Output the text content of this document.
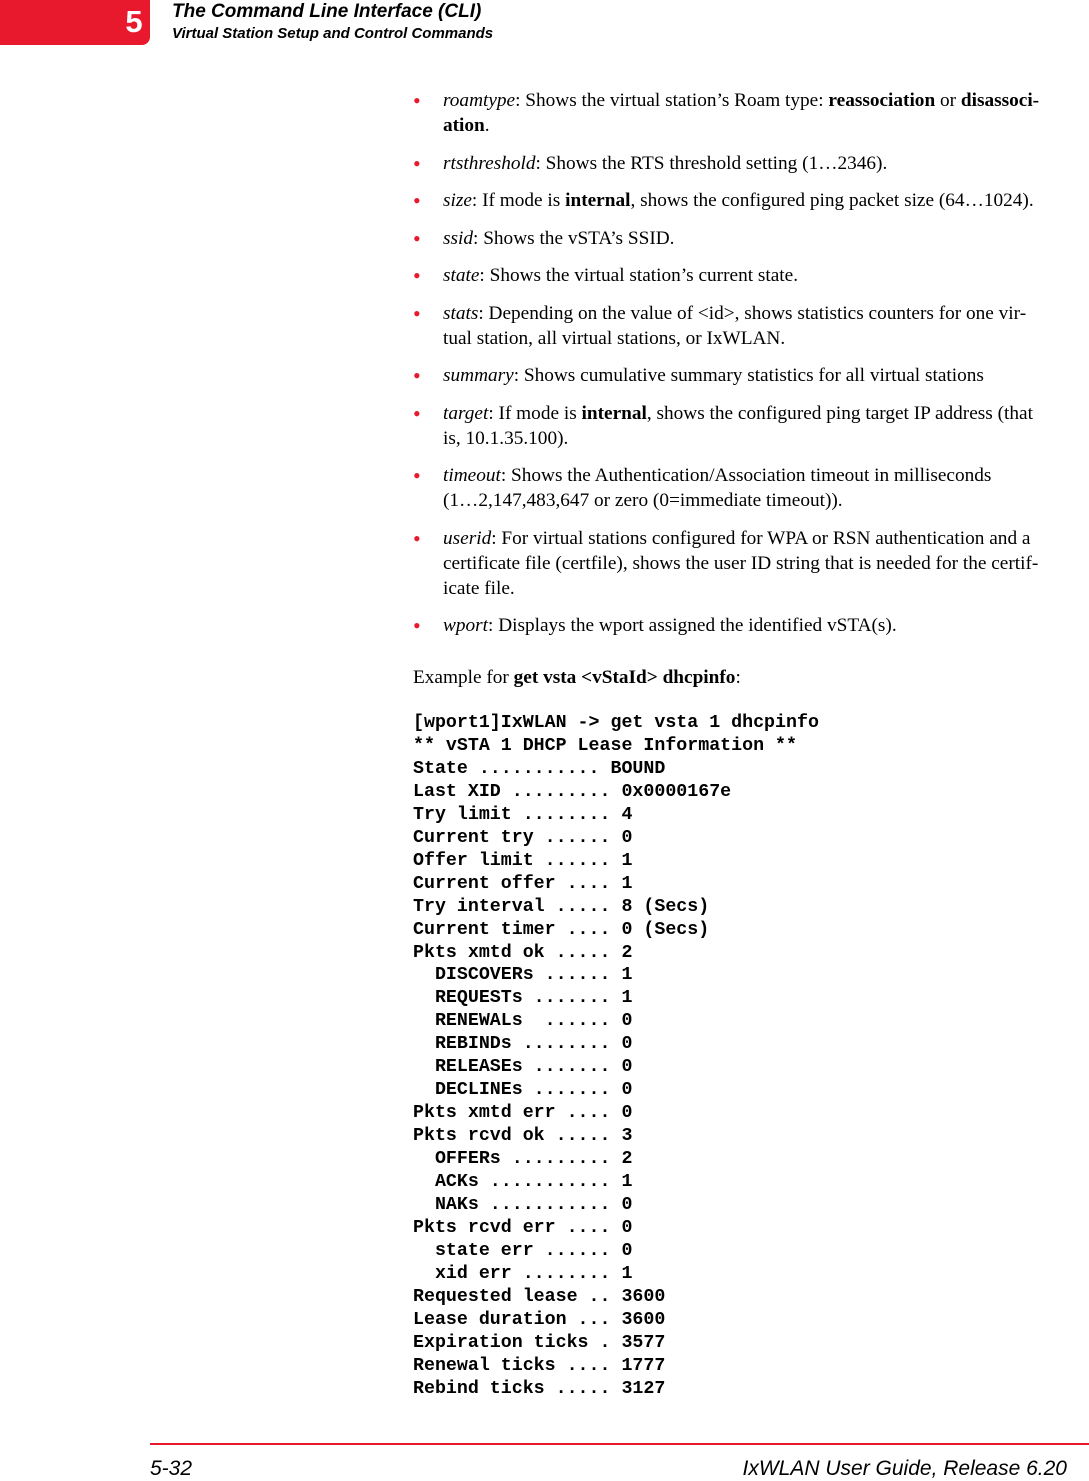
5 The Command Line Interface (CLI)
Virtual Station Setup and Control Commands
• roamtype: Shows the virtual station’s Roam type: reassociation or disassoci-
ation.
• rtsthreshold: Shows the RTS threshold setting (1…2346).
• size: If mode is internal, shows the configured ping packet size (64…1024).
• ssid: Shows the vSTA’s SSID.
• state: Shows the virtual station’s current state.
• stats: Depending on the value of <id>, shows statistics counters for one vir-
tual station, all virtual stations, or IxWLAN.
• summary: Shows cumulative summary statistics for all virtual stations
• target: If mode is internal, shows the configured ping target IP address (that
is, 10.1.35.100).
• timeout: Shows the Authentication/Association timeout in milliseconds
(1…2,147,483,647 or zero (0=immediate timeout)).
• userid: For virtual stations configured for WPA or RSN authentication and a
certificate file (certfile), shows the user ID string that is needed for the certif-
icate file.
• wport: Displays the wport assigned the identified vSTA(s).
Example for get vsta <vStaId> dhcpinfo:
[wport1]IxWLAN -> get vsta 1 dhcpinfo
** vSTA 1 DHCP Lease Information **
State ........... BOUND
Last XID ......... 0x0000167e
Try limit ........ 4
Current try ...... 0
Offer limit ...... 1
Current offer .... 1
Try interval ..... 8 (Secs)
Current timer .... 0 (Secs)
Pkts xmtd ok ..... 2
DISCOVERs ...... 1
REQUESTs ....... 1
RENEWALs  ...... 0
REBINDs ........ 0
RELEASEs ....... 0
DECLINEs ....... 0
Pkts xmtd err .... 0
Pkts rcvd ok ..... 3
OFFERs ......... 2
ACKs ........... 1
NAKs ........... 0
Pkts rcvd err .... 0
state err ...... 0
xid err ........ 1
Requested lease .. 3600
Lease duration ... 3600
Expiration ticks . 3577
Renewal ticks .... 1777
Rebind ticks ..... 3127
5-32	IxWLAN User Guide, Release 6.20
